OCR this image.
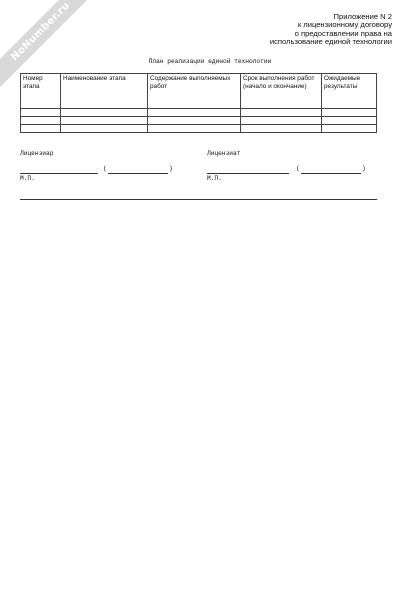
NoNumber.ru	Приложение N 2
к лицензионному договору
о предоставлении права на
использование единой технологии
План реализации единой технологии
Номер этапа	Наименование этапа	Содержание выполняемых работ	Срок выполнения работ (начало и окончание)	Ожидаемые результаты

Лицензиар
(	)
М.П.
Лицензиат
(	)
М.П.
